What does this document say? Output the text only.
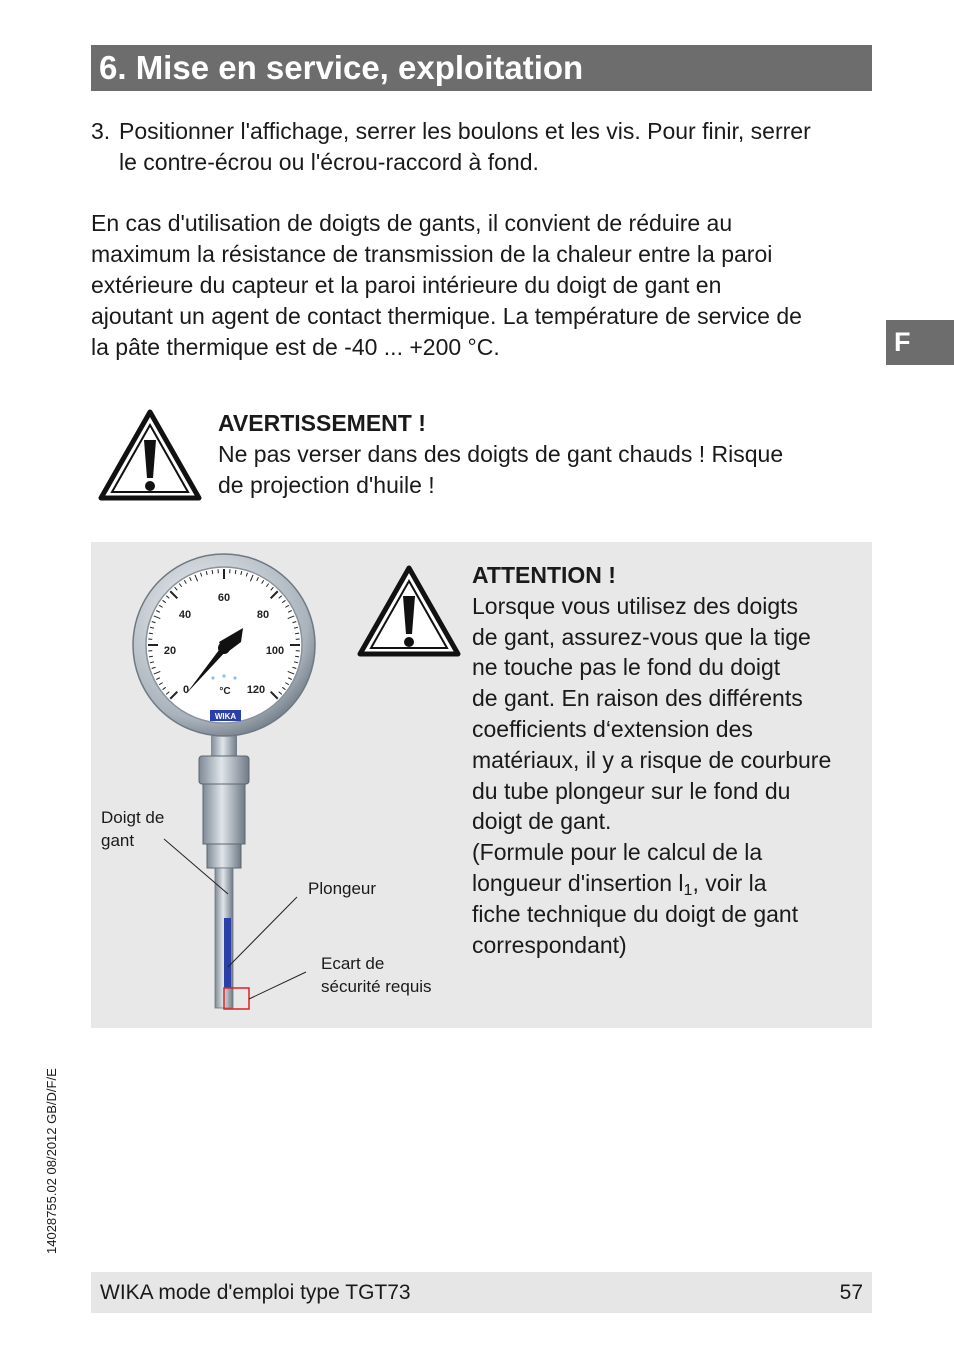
6. Mise en service, exploitation

3. Positionner l'affichage, serrer les boulons et les vis. Pour finir, serrer
le contre-écrou ou l'écrou-raccord à fond.

En cas d'utilisation de doigts de gants, il convient de réduire au
maximum la résistance de transmission de la chaleur entre la paroi
extérieure du capteur et la paroi intérieure du doigt de gant en
ajoutant un agent de contact thermique. La température de service de
la pâte thermique est de -40 ... +200 °C.	F
AVERTISSEMENT !
Ne pas verser dans des doigts de gant chauds ! Risque
de projection d'huile !
0
20
40
60
80
100
120
°C
WIKA
Doigt de
gant
Plongeur
Ecart de
sécurité requis
ATTENTION !
Lorsque vous utilisez des doigts
de gant, assurez-vous que la tige
ne touche pas le fond du doigt
de gant. En raison des différents
coefficients d‘extension des
matériaux, il y a risque de courbure
du tube plongeur sur le fond du
doigt de gant.
(Formule pour le calcul de la
longueur d'insertion $l_1$, voir la
fiche technique du doigt de gant
correspondant)
14028755.02 08/2012 GB/D/F/E
WIKA mode d'emploi type TGT73	57
